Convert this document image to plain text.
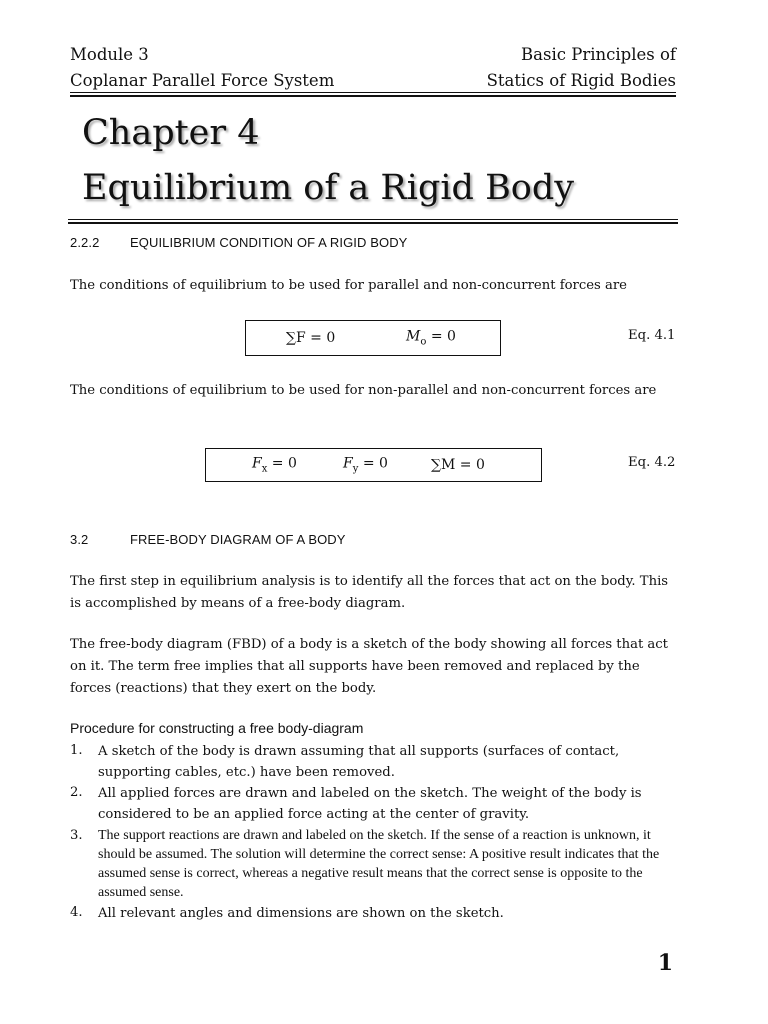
Module 3
Coplanar Parallel Force System
Basic Principles of
Statics of Rigid Bodies
Chapter 4
Equilibrium of a Rigid Body
2.2.2 EQUILIBRIUM CONDITION OF A RIGID BODY
The conditions of equilibrium to be used for parallel and non-concurrent forces are
∑F = 0	$M_o = 0$	Eq. 4.1
The conditions of equilibrium to be used for non-parallel and non-concurrent forces are
$F_x = 0$	$F_y = 0$	∑M = 0	Eq. 4.2
3.2	FREE-BODY DIAGRAM OF A BODY
The first step in equilibrium analysis is to identify all the forces that act on the body. This is accomplished by means of a free-body diagram.
The free-body diagram (FBD) of a body is a sketch of the body showing all forces that act on it. The term free implies that all supports have been removed and replaced by the forces (reactions) that they exert on the body.
Procedure for constructing a free body-diagram
1. A sketch of the body is drawn assuming that all supports (surfaces of contact, supporting cables, etc.) have been removed.
2. All applied forces are drawn and labeled on the sketch. The weight of the body is considered to be an applied force acting at the center of gravity.
3. The support reactions are drawn and labeled on the sketch. If the sense of a reaction is unknown, it should be assumed. The solution will determine the correct sense: A positive result indicates that the assumed sense is correct, whereas a negative result means that the correct sense is opposite to the assumed sense.
4. All relevant angles and dimensions are shown on the sketch.
1
